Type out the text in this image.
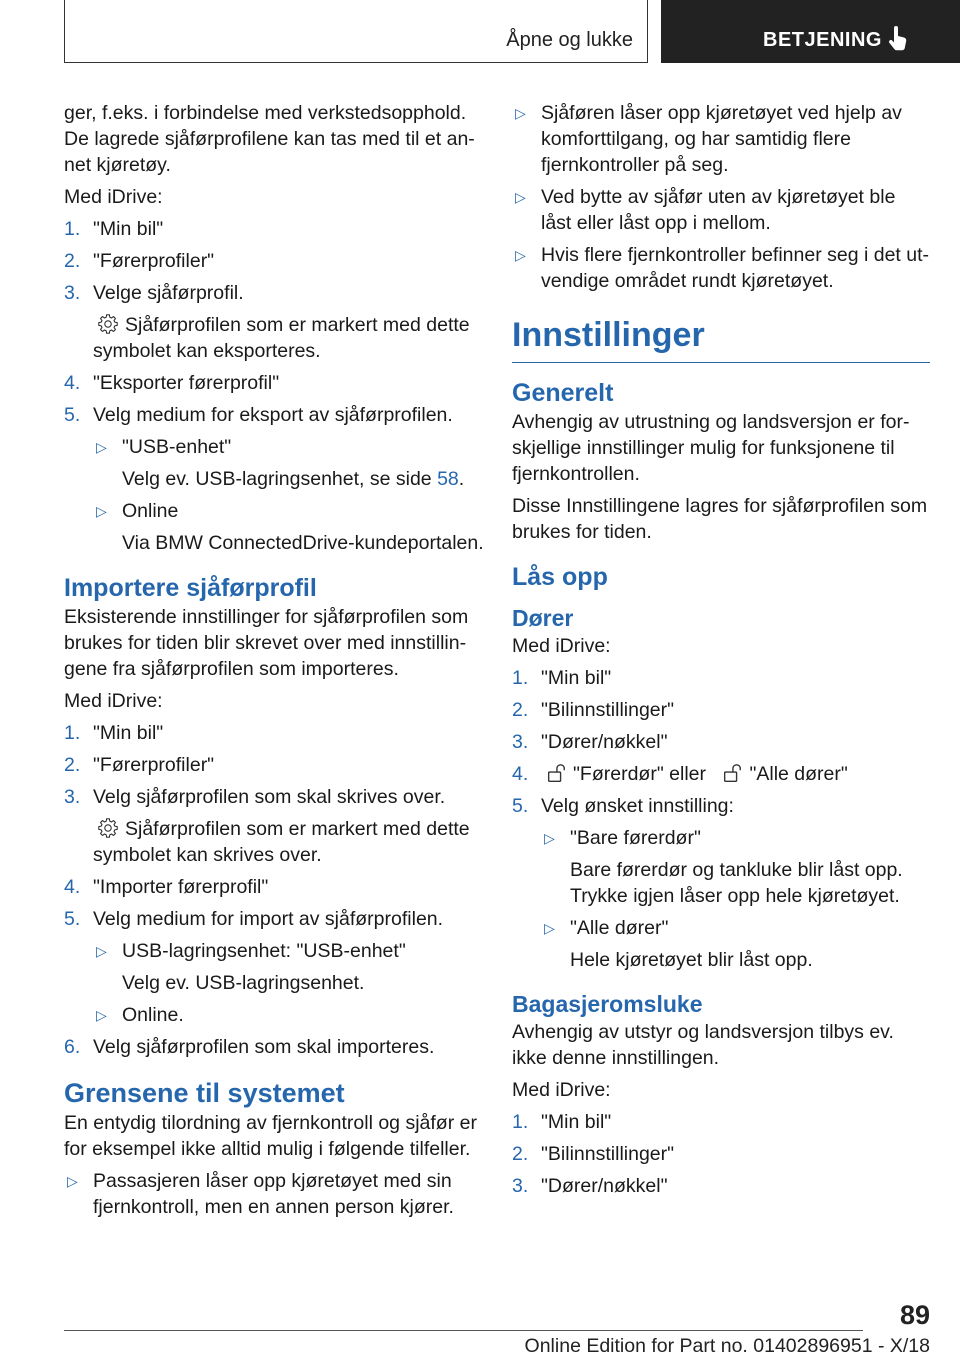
Åpne og lukke	BETJENING

ger, f.eks. i forbindelse med verkstedsopphold. De lagrede sjåførprofilene kan tas med til et annet kjøretøy.

Med iDrive:

1. "Min bil"
2. "Førerprofiler"
3. Velge sjåførprofil.

Sjåførprofilen som er markert med dette symbolet kan eksporteres.

4. "Eksporter førerprofil"
5. Velg medium for eksport av sjåførprofilen.
▷ "USB-enhet"

Velg ev. USB-lagringsenhet, se side 58.

▷ Online

Via BMW ConnectedDrive-kundeportalen.

Importere sjåførprofil

Eksisterende innstillinger for sjåførprofilen som brukes for tiden blir skrevet over med innstillingene fra sjåførprofilen som importeres.

Med iDrive:

1. "Min bil"
2. "Førerprofiler"
3. Velg sjåførprofilen som skal skrives over.

Sjåførprofilen som er markert med dette symbolet kan skrives over.

4. "Importer førerprofil"
5. Velg medium for import av sjåførprofilen.
▷ USB-lagringsenhet: "USB-enhet"

Velg ev. USB-lagringsenhet.

▷ Online.
6. Velg sjåførprofilen som skal importeres.
Grensene til systemet

En entydig tilordning av fjernkontroll og sjåfør er for eksempel ikke alltid mulig i følgende tilfeller.

▷ Passasjeren låser opp kjøretøyet med sin fjernkontroll, men en annen person kjører.
▷ Sjåføren låser opp kjøretøyet ved hjelp av komforttilgang, og har samtidig flere fjernkontroller på seg.
▷ Ved bytte av sjåfør uten av kjøretøyet ble låst eller låst opp i mellom.
▷ Hvis flere fjernkontroller befinner seg i det utvendige området rundt kjøretøyet.
Innstillinger
Generelt

Avhengig av utrustning og landsversjon er forskjellige innstillinger mulig for funksjonene til fjernkontrollen.

Disse Innstillingene lagres for sjåførprofilen som brukes for tiden.

Lås opp
Dører

Med iDrive:

1. "Min bil"
2. "Bilinnstillinger"
3. "Dører/nøkkel"
4. "Førerdør" eller "Alle dører"
5. Velg ønsket innstilling:
▷ "Bare førerdør"

Bare førerdør og tankluke blir låst opp. Trykke igjen låser opp hele kjøretøyet.

▷ "Alle dører"

Hele kjøretøyet blir låst opp.

Bagasjeromsluke

Avhengig av utstyr og landsversjon tilbys ev. ikke denne innstillingen.

Med iDrive:

1. "Min bil"
2. "Bilinnstillinger"
3. "Dører/nøkkel"
89
Online Edition for Part no. 01402896951 - X/18
